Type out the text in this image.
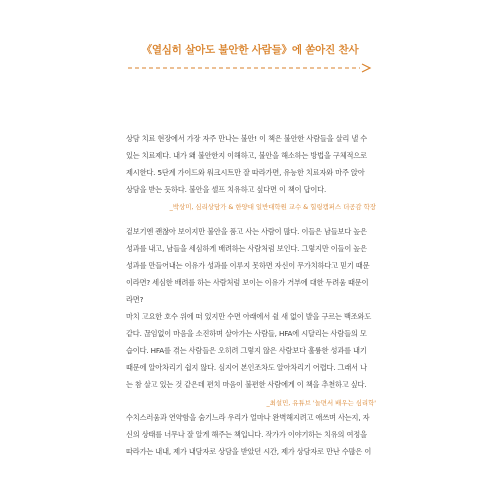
《열심히 살아도 불안한 사람들》에 쏟아진 찬사

상담 치료 현장에서 가장 자주 만나는 불안! 이 책은 불안한 사람들을 살리 낼 수
있는 치료제다. 내가 왜 불안한지 이해하고, 불안을 해소하는 방법을 구체적으로
제시한다. 5단계 가이드와 워크시트만 잘 따라가면, 유능한 치료자와 마주 앉아
상담을 받는 듯하다. 불안을 셀프 치유하고 싶다면 이 책이 답이다.

_박상미, 심리상담가 & 한양대 일반대학원 교수 & 힐링캠퍼스 더공감 학장

겉보기엔 괜찮아 보이지만 불안을 품고 사는 사람이 많다. 이들은 남들보다 높은
성과를 내고, 남들을 세심하게 배려하는 사람처럼 보인다. 그렇지만 이들이 높은
성과를 만들어내는 이유가 성과를 이루지 못하면 자신이 무가치하다고 믿기 때문
이라면? 세심한 배려를 하는 사람처럼 보이는 이유가 거부에 대한 두려움 때문이
라면?
마치 고요한 호수 위에 떠 있지만 수면 아래에서 쉴 새 없이 발을 구르는 백조와도
같다. 끊임없이 마음을 소진하며 살아가는 사람들, HFA에 시달리는 사람들의 모
습이다. HFA를 겪는 사람들은 오히려 그렇지 않은 사람보다 훌륭한 성과를 내기
때문에 알아차리기 쉽지 않다. 심지어 본인조차도 알아차리기 어렵다. 그래서 나
는 참 살고 있는 것 같은데 편치 마음이 불편한 사람에게 이 책을 추천하고 싶다.

_최설민, 유튜브 '놀면서 배우는 심리학'

수치스러움과 연약함을 숨기느라 우리가 얼마나 완벽해지려고 애쓰며 사는지, 자
신의 상태를 너무나 잘 알게 해주는 책입니다. 작가가 이야기하는 치유의 여정을
따라가는 내내, 제가 내담자로 상담을 받았던 시간, 제가 상담자로 만난 수많은 이
